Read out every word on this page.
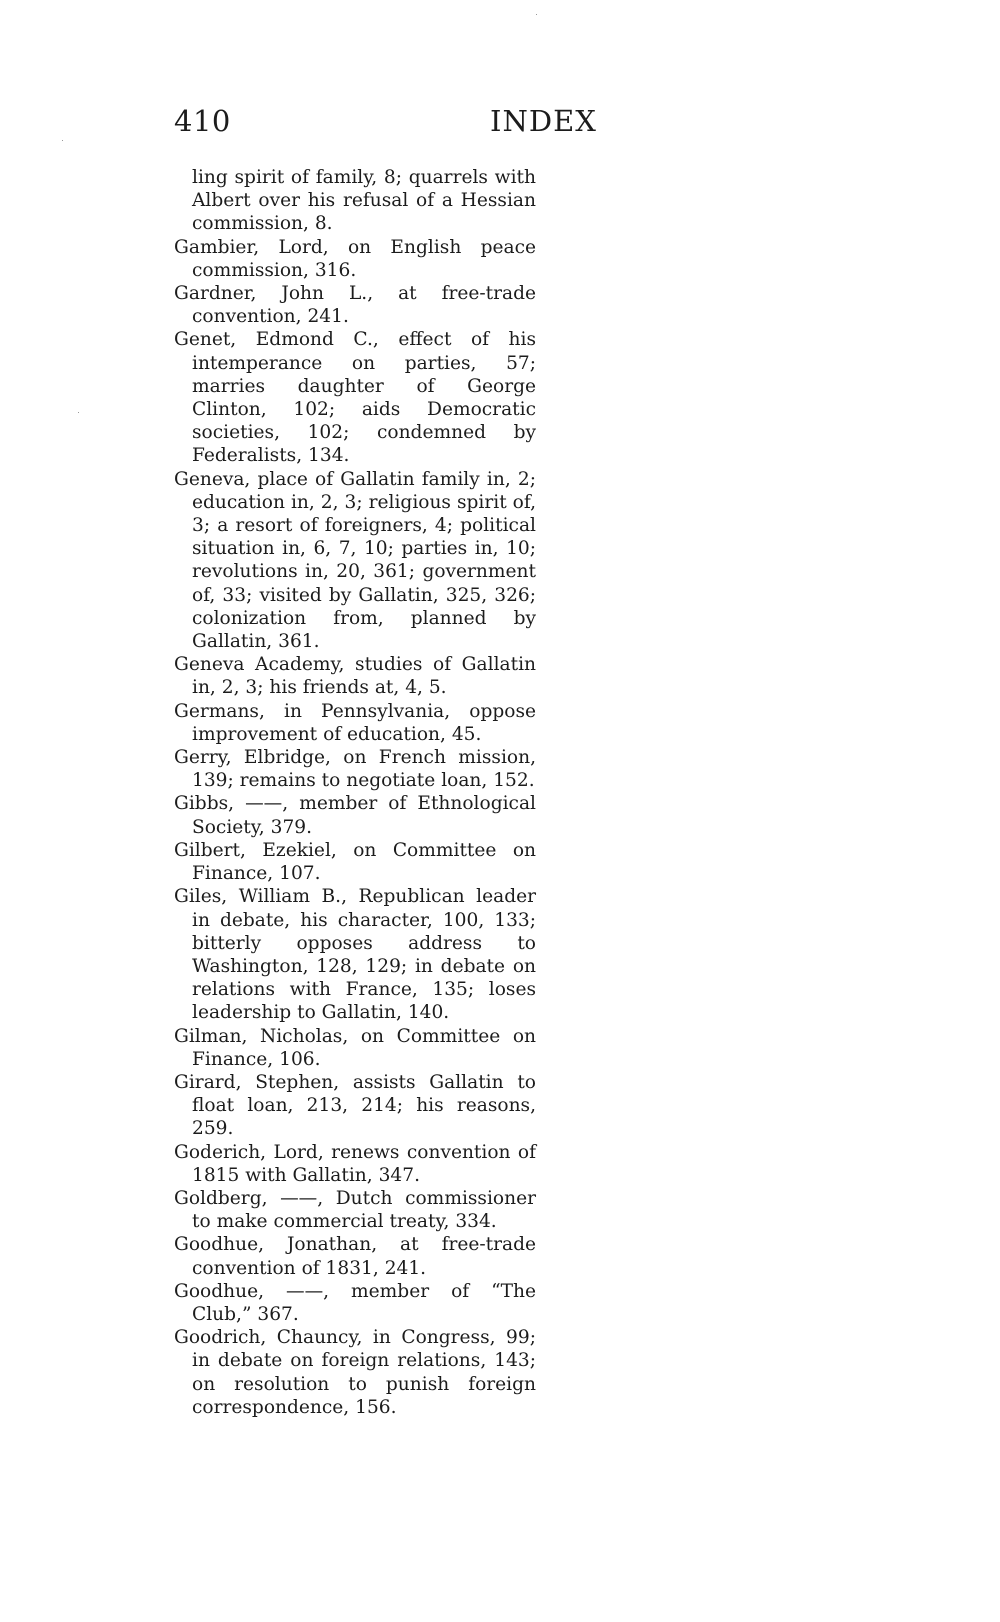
410	INDEX

ling spirit of family, 8; quarrels with Albert over his refusal of a Hessian commission, 8.

Gambier, Lord, on English peace commission, 316.

Gardner, John L., at free-trade convention, 241.

Genet, Edmond C., effect of his intemperance on parties, 57; marries daughter of George Clinton, 102; aids Democratic societies, 102; condemned by Federalists, 134.

Geneva, place of Gallatin family in, 2; education in, 2, 3; religious spirit of, 3; a resort of foreigners, 4; political situation in, 6, 7, 10; parties in, 10; revolutions in, 20, 361; government of, 33; visited by Gallatin, 325, 326; colonization from, planned by Gallatin, 361.

Geneva Academy, studies of Gallatin in, 2, 3; his friends at, 4, 5.

Germans, in Pennsylvania, oppose improvement of education, 45.

Gerry, Elbridge, on French mission, 139; remains to negotiate loan, 152.

Gibbs, ——, member of Ethnological Society, 379.

Gilbert, Ezekiel, on Committee on Finance, 107.

Giles, William B., Republican leader in debate, his character, 100, 133; bitterly opposes address to Washington, 128, 129; in debate on relations with France, 135; loses leadership to Gallatin, 140.

Gilman, Nicholas, on Committee on Finance, 106.

Girard, Stephen, assists Gallatin to float loan, 213, 214; his reasons, 259.

Goderich, Lord, renews convention of 1815 with Gallatin, 347.

Goldberg, ——, Dutch commissioner to make commercial treaty, 334.

Goodhue, Jonathan, at free-trade convention of 1831, 241.

Goodhue, ——, member of “The Club,” 367.

Goodrich, Chauncy, in Congress, 99; in debate on foreign relations, 143; on resolution to punish foreign correspondence, 156.
